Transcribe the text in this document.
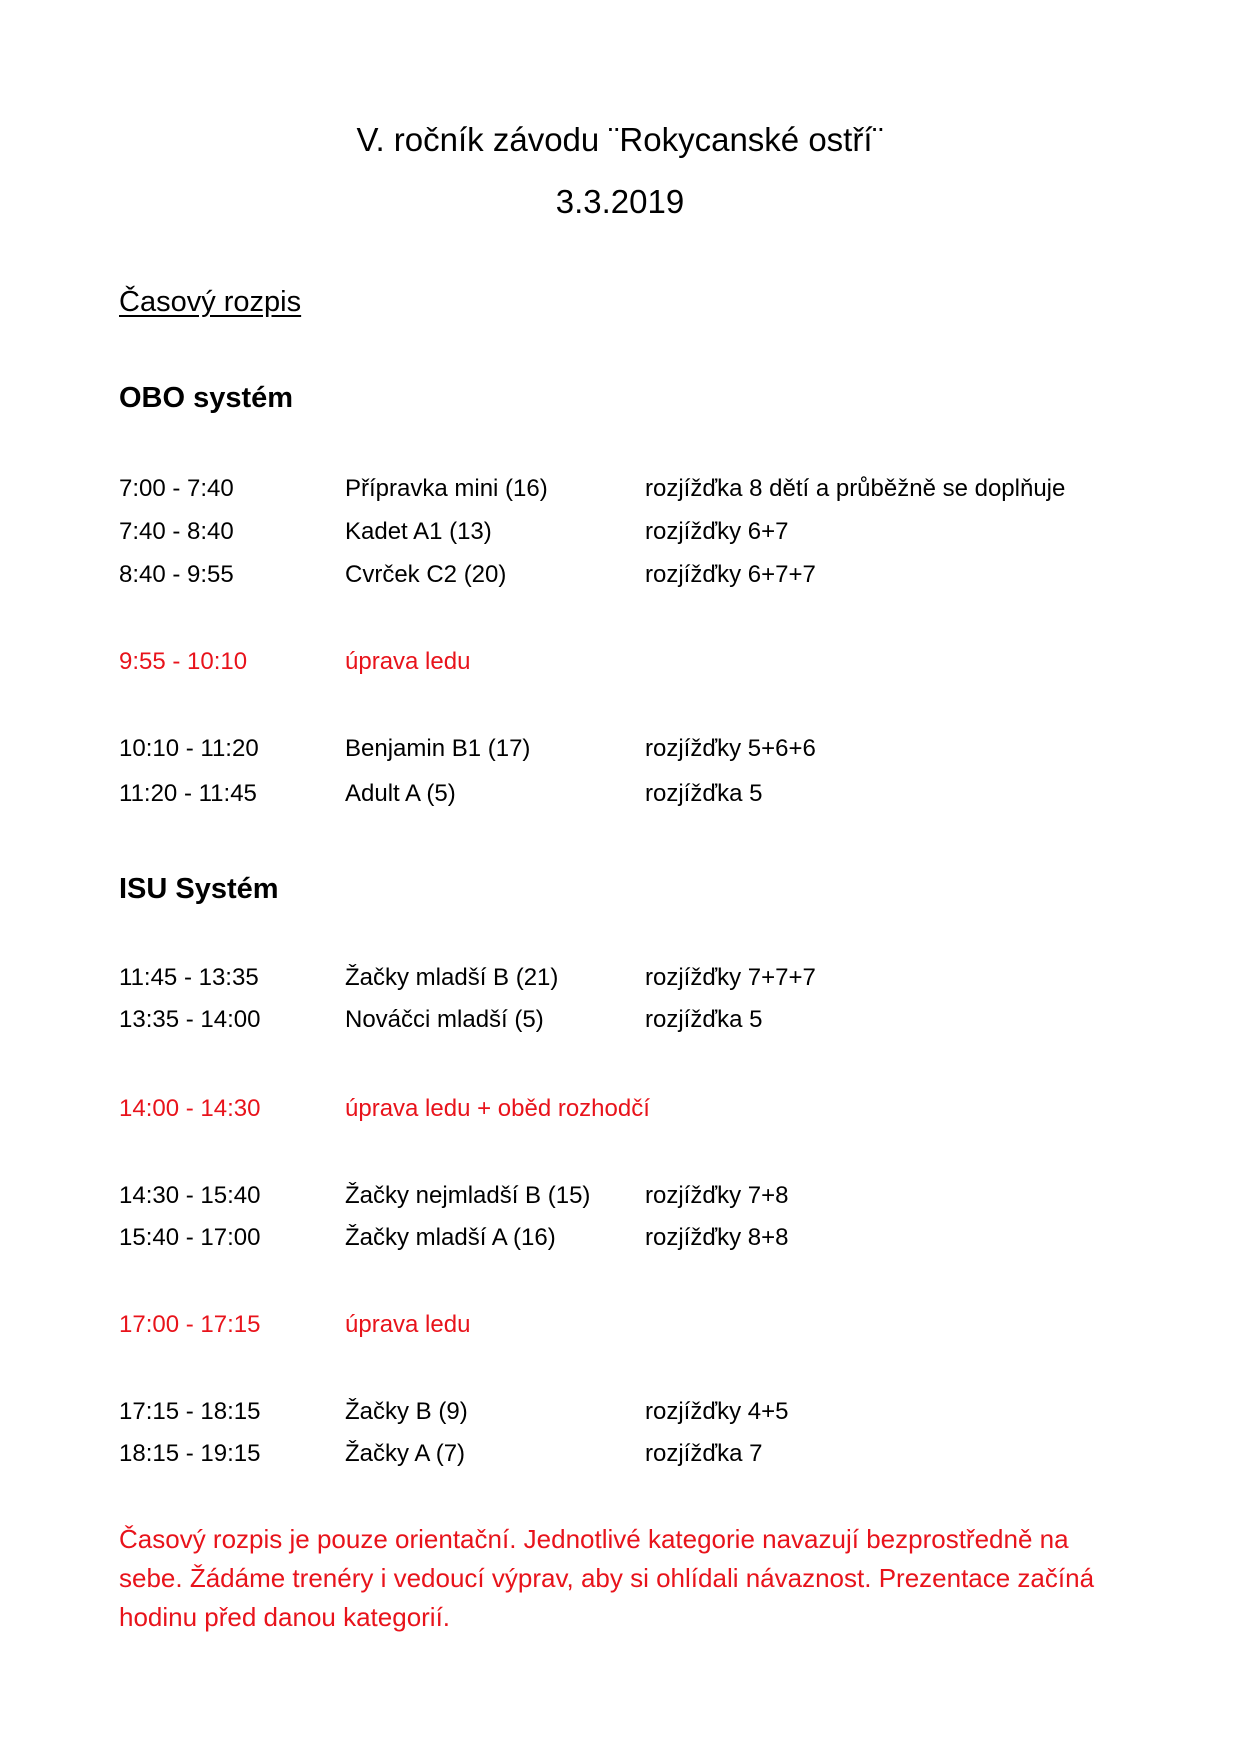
V. ročník závodu ¨Rokycanské ostří¨
3.3.2019
Časový rozpis
OBO systém
7:00 - 7:40	Přípravka mini (16)	rozjížďka 8 dětí a průběžně se doplňuje
7:40 - 8:40	Kadet A1 (13)	rozjížďky 6+7
8:40 - 9:55	Cvrček C2 (20)	rozjížďky 6+7+7
9:55 - 10:10	úprava ledu
10:10 - 11:20	Benjamin B1 (17)	rozjížďky 5+6+6
11:20 - 11:45	Adult A (5)	rozjížďka 5
ISU Systém
11:45 - 13:35	Žačky mladší B (21)	rozjížďky 7+7+7
13:35 - 14:00	Nováčci mladší (5)	rozjížďka 5
14:00 - 14:30	úprava ledu + oběd rozhodčí
14:30 - 15:40	Žačky nejmladší B (15) rozjížďky 7+8
15:40 - 17:00	Žačky mladší A (16)	rozjížďky 8+8
17:00 - 17:15	úprava ledu
17:15 - 18:15	Žačky B (9)	rozjížďky 4+5
18:15 - 19:15	Žačky A (7)	rozjížďka 7
Časový rozpis je pouze orientační. Jednotlivé kategorie navazují bezprostředně na sebe. Žádáme trenéry i vedoucí výprav, aby si ohlídali návaznost. Prezentace začíná hodinu před danou kategorií.
